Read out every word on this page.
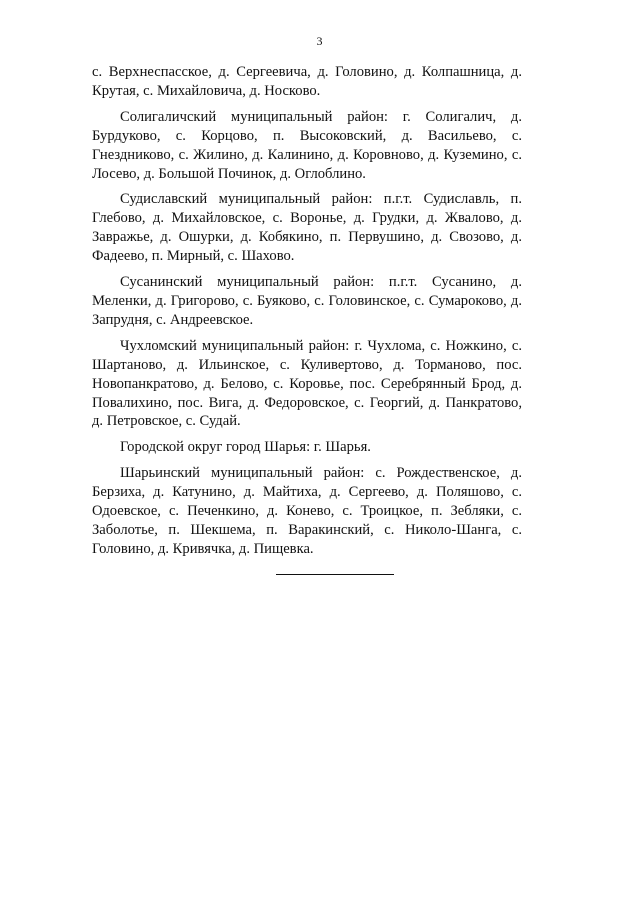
3

с. Верхнеспасское, д. Сергеевича, д. Головино, д. Колпашница, д. Крутая, с. Михайловича, д. Носково.

Солигаличский муниципальный район: г. Солигалич, д. Бурдуково, с. Корцово, п. Высоковский, д. Васильево, с. Гнездниково, с. Жилино, д. Калинино, д. Коровново, д. Куземино, с. Лосево, д. Большой Починок, д. Оглоблино.

Судиславский муниципальный район: п.г.т. Судиславль, п. Глебово, д. Михайловское, с. Воронье, д. Грудки, д. Жвалово, д. Завражье, д. Ошурки, д. Кобякино, п. Первушино, д. Свозово, д. Фадеево, п. Мирный, с. Шахово.

Сусанинский муниципальный район: п.г.т. Сусанино, д. Меленки, д. Григорово, с. Буяково, с. Головинское, с. Сумароково, д. Запрудня, с. Андреевское.

Чухломский муниципальный район: г. Чухлома, с. Ножкино, с. Шартаново, д. Ильинское, с. Куливертово, д. Торманово, пос. Новопанкратово, д. Белово, с. Коровье, пос. Серебрянный Брод, д. Повалихино, пос. Вига, д. Федоровское, с. Георгий, д. Панкратово, д. Петровское, с. Судай.

Городской округ город Шарья: г. Шарья.

Шарьинский муниципальный район: с. Рождественское, д. Берзиха, д. Катунино, д. Майтиха, д. Сергеево, д. Поляшово, с. Одоевское, с. Печенкино, д. Конево, с. Троицкое, п. Зебляки, с. Заболотье, п. Шекшема, п. Варакинский, с. Николо-Шанга, с. Головино, д. Кривячка, д. Пищевка.
